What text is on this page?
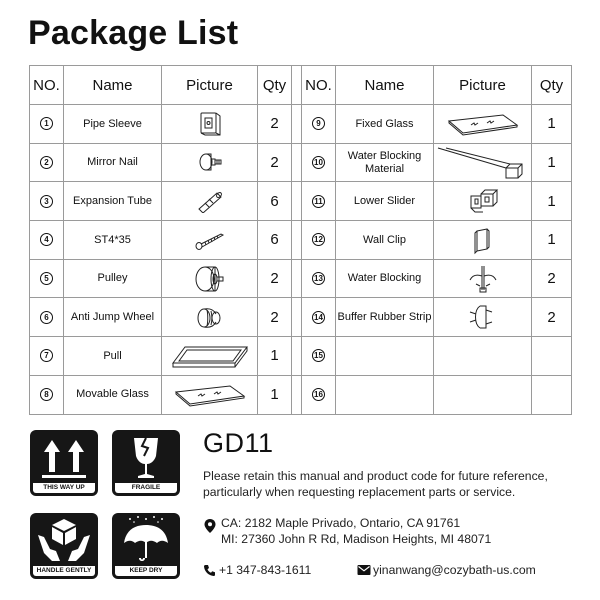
Package List
NO.	Name	Picture	Qty		NO.	Name	Picture	Qty
1	Pipe Sleeve		2		9	Fixed Glass		1
2	Mirror Nail		2		10	Water Blocking Material		1
3	Expansion Tube		6		11	Lower Slider		1
4	ST4*35		6		12	Wall Clip		1
5	Pulley		2		13	Water Blocking		2
6	Anti Jump Wheel		2		14	Buffer Rubber Strip		2
7	Pull		1		15			
8	Movable Glass		1		16			
THIS WAY UP	FRAGILE
HANDLE GENTLY	KEEP DRY
GD11
Please retain this manual and product code for future reference, particularly when requesting replacement parts or service.
CA: 2182 Maple Privado, Ontario, CA 91761
MI: 27360 John R Rd, Madison Heights, MI 48071
+1 347-843-1611	yinanwang@cozybath-us.com
